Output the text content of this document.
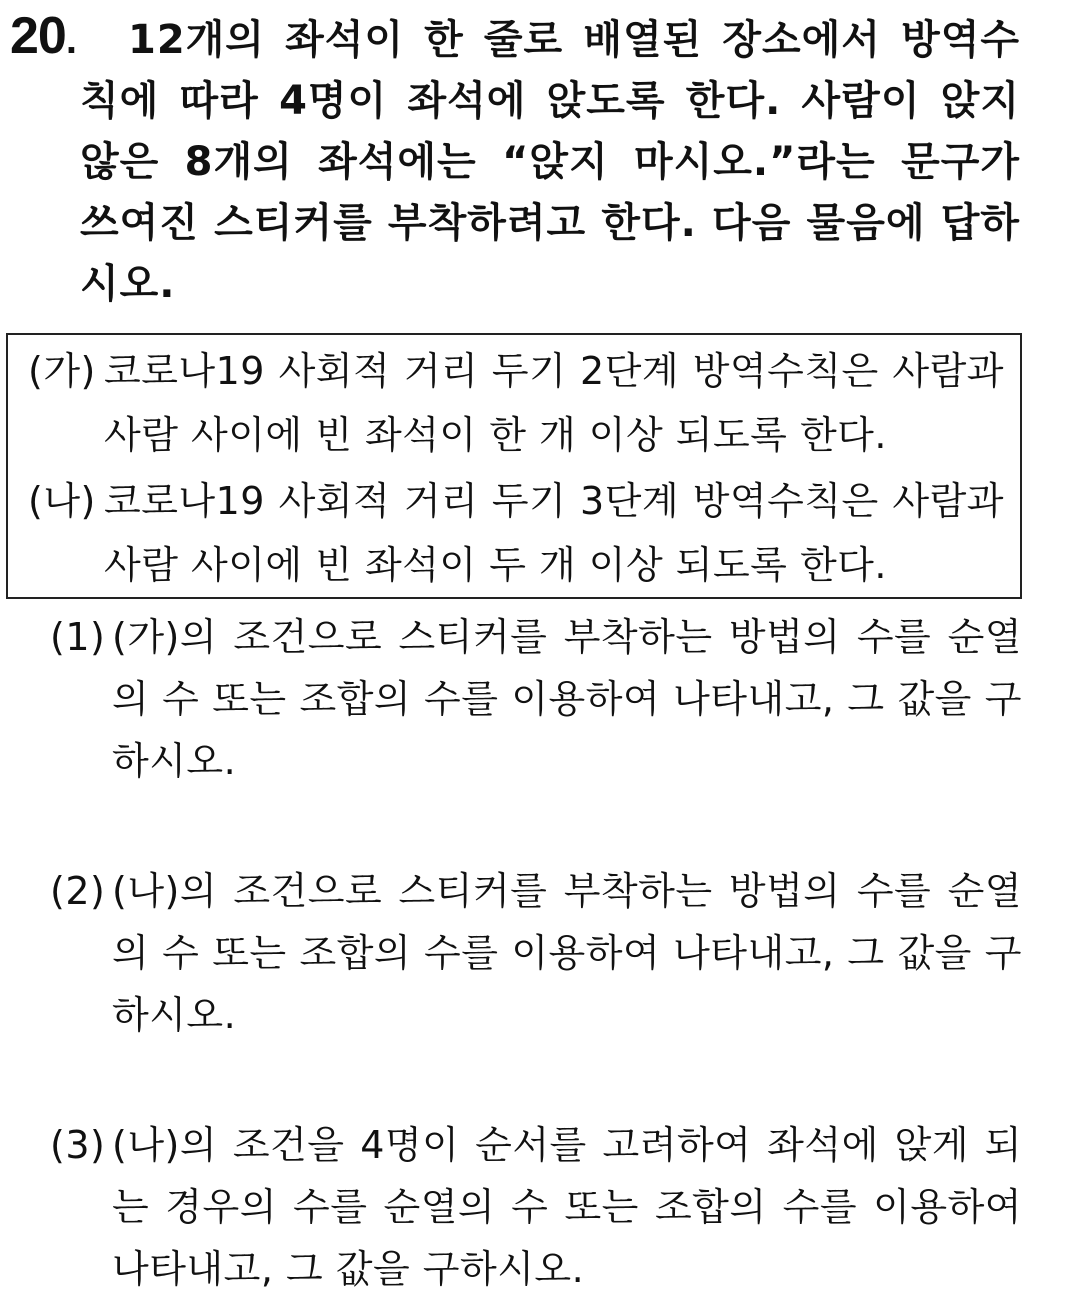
20.	12개의 좌석이 한 줄로 배열된 장소에서 방역수칙에 따라 4명이 좌석에 앉도록 한다. 사람이 앉지 않은 8개의 좌석에는 “앉지 마시오.”라는 문구가 쓰여진 스티커를 부착하려고 한다. 다음 물음에 답하시오.
(가) 코로나19 사회적 거리 두기 2단계 방역수칙은 사람과 사람 사이에 빈 좌석이 한 개 이상 되도록 한다.
(나) 코로나19 사회적 거리 두기 3단계 방역수칙은 사람과 사람 사이에 빈 좌석이 두 개 이상 되도록 한다.
(1) (가)의 조건으로 스티커를 부착하는 방법의 수를 순열의 수 또는 조합의 수를 이용하여 나타내고, 그 값을 구하시오.
(2) (나)의 조건으로 스티커를 부착하는 방법의 수를 순열의 수 또는 조합의 수를 이용하여 나타내고, 그 값을 구하시오.
(3) (나)의 조건을 4명이 순서를 고려하여 좌석에 앉게 되는 경우의 수를 순열의 수 또는 조합의 수를 이용하여 나타내고, 그 값을 구하시오.
